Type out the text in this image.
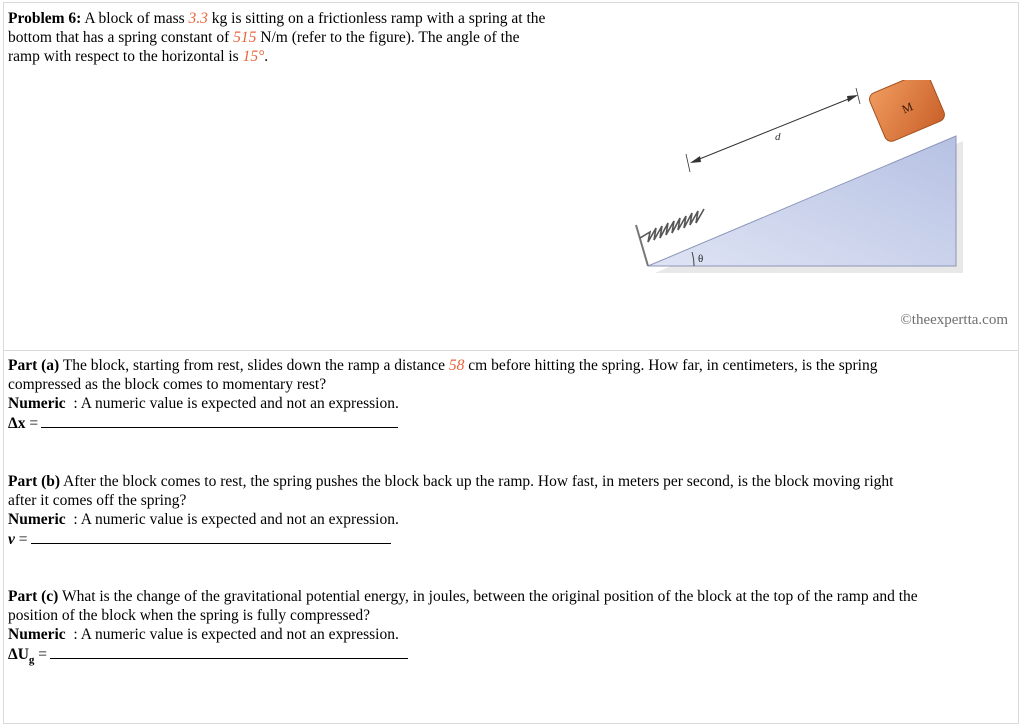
Problem 6: A block of mass 3.3 kg is sitting on a frictionless ramp with a spring at the
bottom that has a spring constant of 515 N/m (refer to the figure). The angle of the
ramp with respect to the horizontal is 15°.
M
d
θ
©theexpertta.com
Part (a) The block, starting from rest, slides down the ramp a distance 58 cm before hitting the spring. How far, in centimeters, is the spring
compressed as the block comes to momentary rest?
Numeric  : A numeric value is expected and not an expression.
Δx =
Part (b) After the block comes to rest, the spring pushes the block back up the ramp. How fast, in meters per second, is the block moving right
after it comes off the spring?
Numeric  : A numeric value is expected and not an expression.
v =
Part (c) What is the change of the gravitational potential energy, in joules, between the original position of the block at the top of the ramp and the
position of the block when the spring is fully compressed?
Numeric  : A numeric value is expected and not an expression.
$\Delta U_g$ =
